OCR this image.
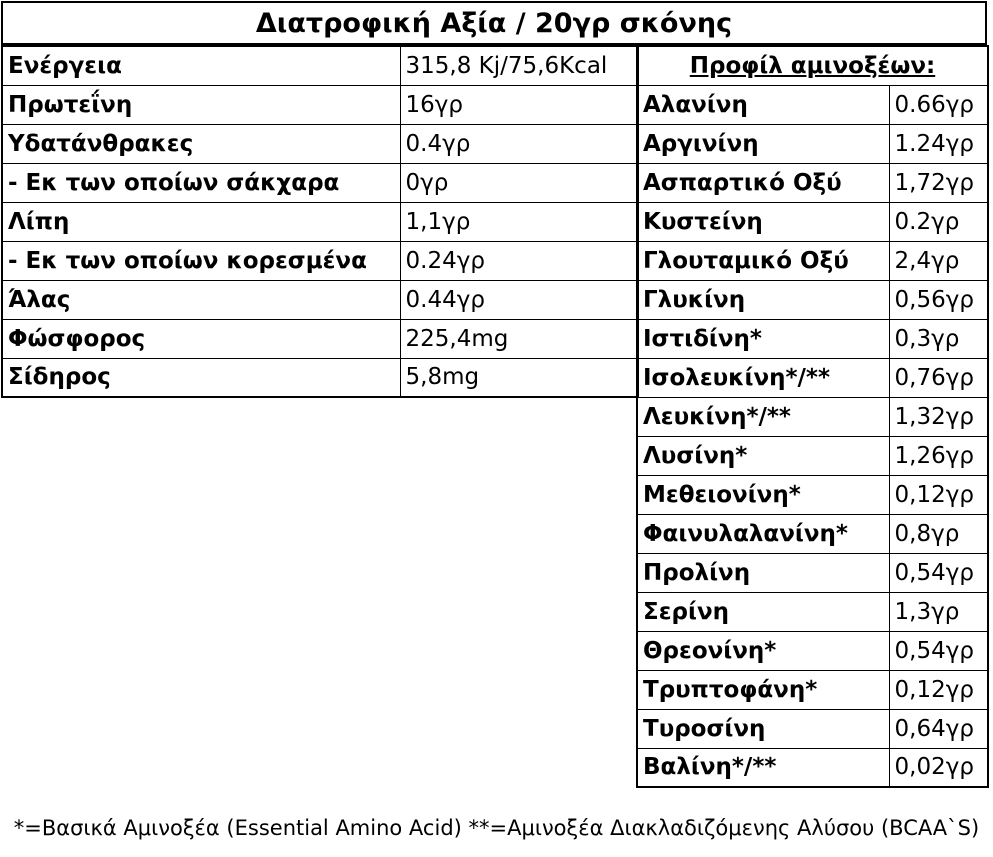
Διατροφική Αξία / 20γρ σκόνης
Ενέργεια	315,8 Kj/75,6Kcal
Πρωτεΐνη	16γρ
Υδατάνθρακες	0.4γρ
- Εκ των οποίων σάκχαρα	0γρ
Λίπη	1,1γρ
- Εκ των οποίων κορεσμένα	0.24γρ
Άλας	0.44γρ
Φώσφορος	225,4mg
Σίδηρος	5,8mg
Προφίλ αμινοξέων:	
Αλανίνη	0.66γρ
Αργινίνη	1.24γρ
Ασπαρτικό Οξύ	1,72γρ
Κυστείνη	0.2γρ
Γλουταμικό Οξύ	2,4γρ
Γλυκίνη	0,56γρ
Ιστιδίνη*	0,3γρ
Ισολευκίνη*/**	0,76γρ
Λευκίνη*/**	1,32γρ
Λυσίνη*	1,26γρ
Μεθειονίνη*	0,12γρ
Φαινυλαλανίνη*	0,8γρ
Προλίνη	0,54γρ
Σερίνη	1,3γρ
Θρεονίνη*	0,54γρ
Τρυπτοφάνη*	0,12γρ
Τυροσίνη	0,64γρ
Βαλίνη*/**	0,02γρ
*=Βασικά Αμινοξέα (Essential Amino Acid) **=Αμινοξέα Διακλαδιζόμενης Αλύσου (BCAA`S)
